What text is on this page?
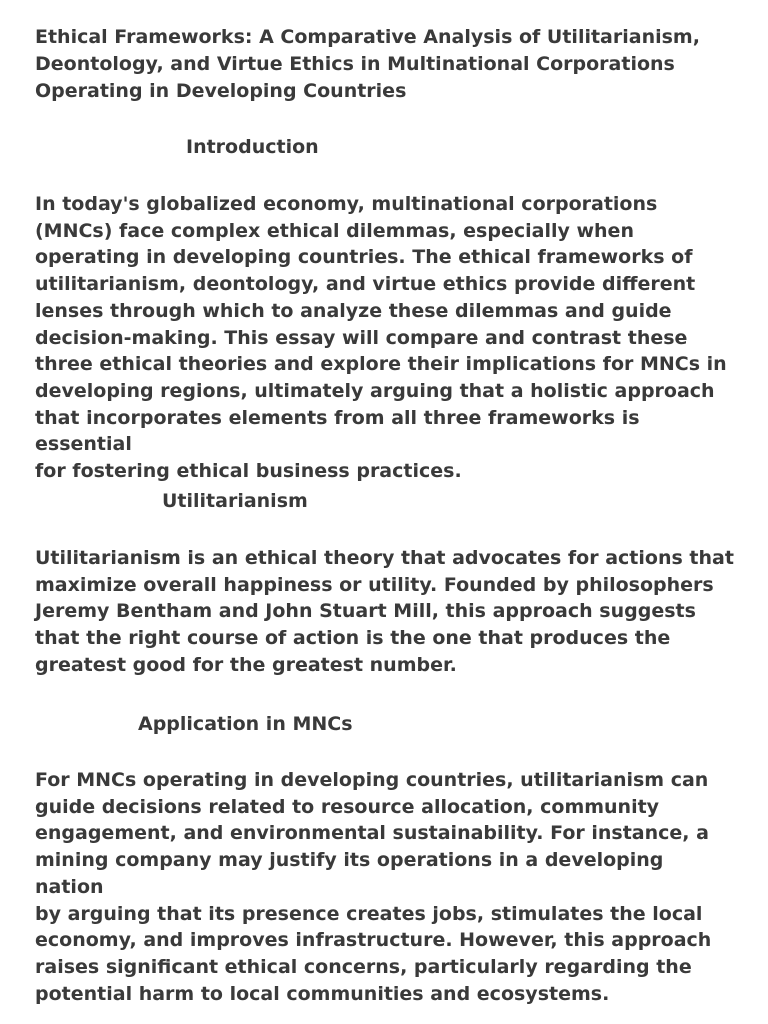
Ethical Frameworks: A Comparative Analysis of Utilitarianism,
Deontology, and Virtue Ethics in Multinational Corporations
Operating in Developing Countries
Introduction

In today's globalized economy, multinational corporations
(MNCs) face complex ethical dilemmas, especially when
operating in developing countries. The ethical frameworks of
utilitarianism, deontology, and virtue ethics provide different
lenses through which to analyze these dilemmas and guide
decision-making. This essay will compare and contrast these
three ethical theories and explore their implications for MNCs in
developing regions, ultimately arguing that a holistic approach
that incorporates elements from all three frameworks is essential
for fostering ethical business practices.

Utilitarianism

Utilitarianism is an ethical theory that advocates for actions that
maximize overall happiness or utility. Founded by philosophers
Jeremy Bentham and John Stuart Mill, this approach suggests
that the right course of action is the one that produces the
greatest good for the greatest number.

Application in MNCs

For MNCs operating in developing countries, utilitarianism can
guide decisions related to resource allocation, community
engagement, and environmental sustainability. For instance, a
mining company may justify its operations in a developing nation
by arguing that its presence creates jobs, stimulates the local
economy, and improves infrastructure. However, this approach
raises significant ethical concerns, particularly regarding the
potential harm to local communities and ecosystems.
